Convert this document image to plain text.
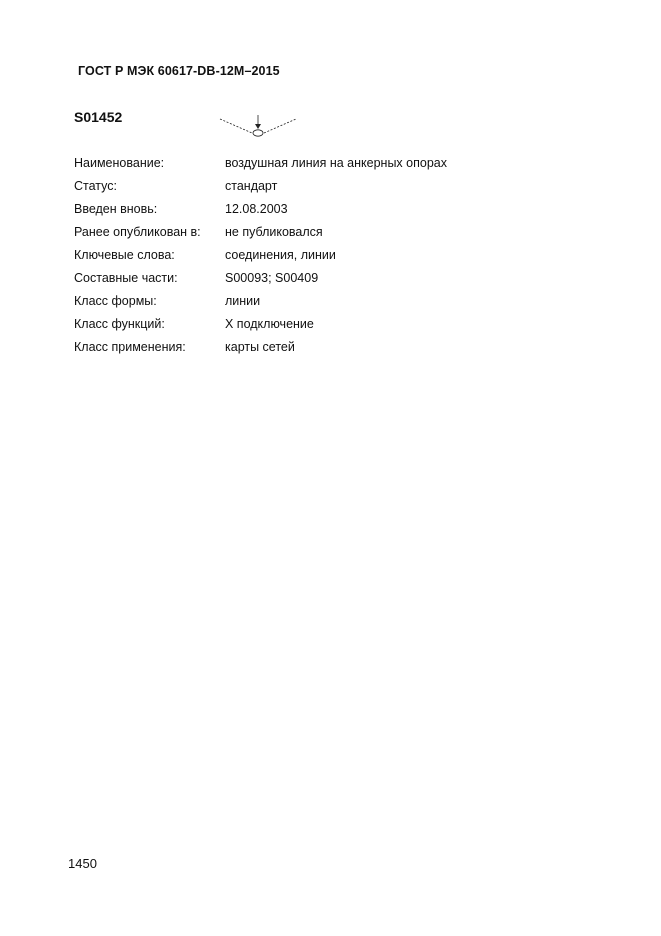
ГОСТ Р МЭК 60617-DB-12M–2015
S01452
Наименование:	воздушная линия на анкерных опорах
Статус:	стандарт
Введен вновь:	12.08.2003
Ранее опубликован в:	не публиковался
Ключевые слова:	соединения, линии
Составные части:	S00093; S00409
Класс формы:	линии
Класс функций:	X подключение
Класс применения:	карты сетей
1450
